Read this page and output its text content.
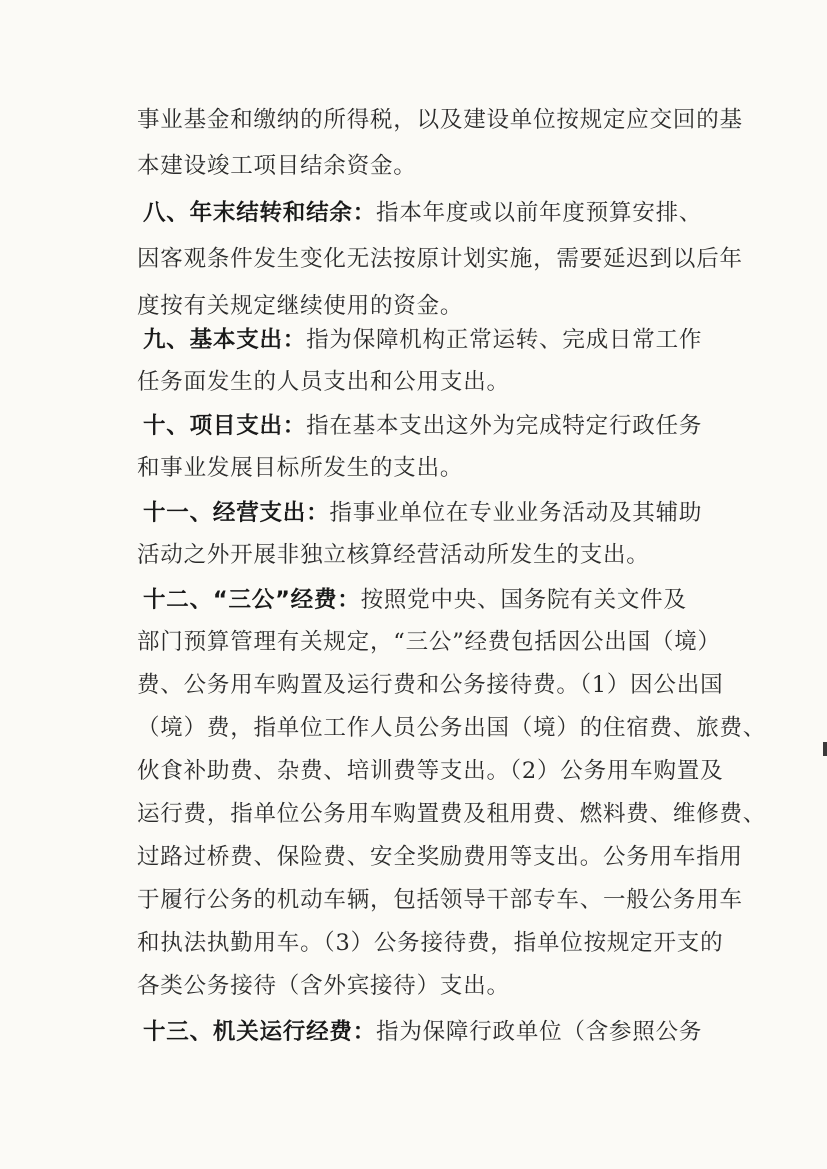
事业基金和缴纳的所得税，以及建设单位按规定应交回的基
本建设竣工项目结余资金。
八、年末结转和结余：指本年度或以前年度预算安排、
因客观条件发生变化无法按原计划实施，需要延迟到以后年
度按有关规定继续使用的资金。
九、基本支出：指为保障机构正常运转、完成日常工作
任务面发生的人员支出和公用支出。
十、项目支出：指在基本支出这外为完成特定行政任务
和事业发展目标所发生的支出。
十一、经营支出：指事业单位在专业业务活动及其辅助
活动之外开展非独立核算经营活动所发生的支出。
十二、“三公”经费：按照党中央、国务院有关文件及
部门预算管理有关规定，“三公”经费包括因公出国（境）
费、公务用车购置及运行费和公务接待费。（1）因公出国
（境）费，指单位工作人员公务出国（境）的住宿费、旅费、
伙食补助费、杂费、培训费等支出。（2）公务用车购置及
运行费，指单位公务用车购置费及租用费、燃料费、维修费、
过路过桥费、保险费、安全奖励费用等支出。公务用车指用
于履行公务的机动车辆，包括领导干部专车、一般公务用车
和执法执勤用车。（3）公务接待费，指单位按规定开支的
各类公务接待（含外宾接待）支出。
十三、机关运行经费：指为保障行政单位（含参照公务
